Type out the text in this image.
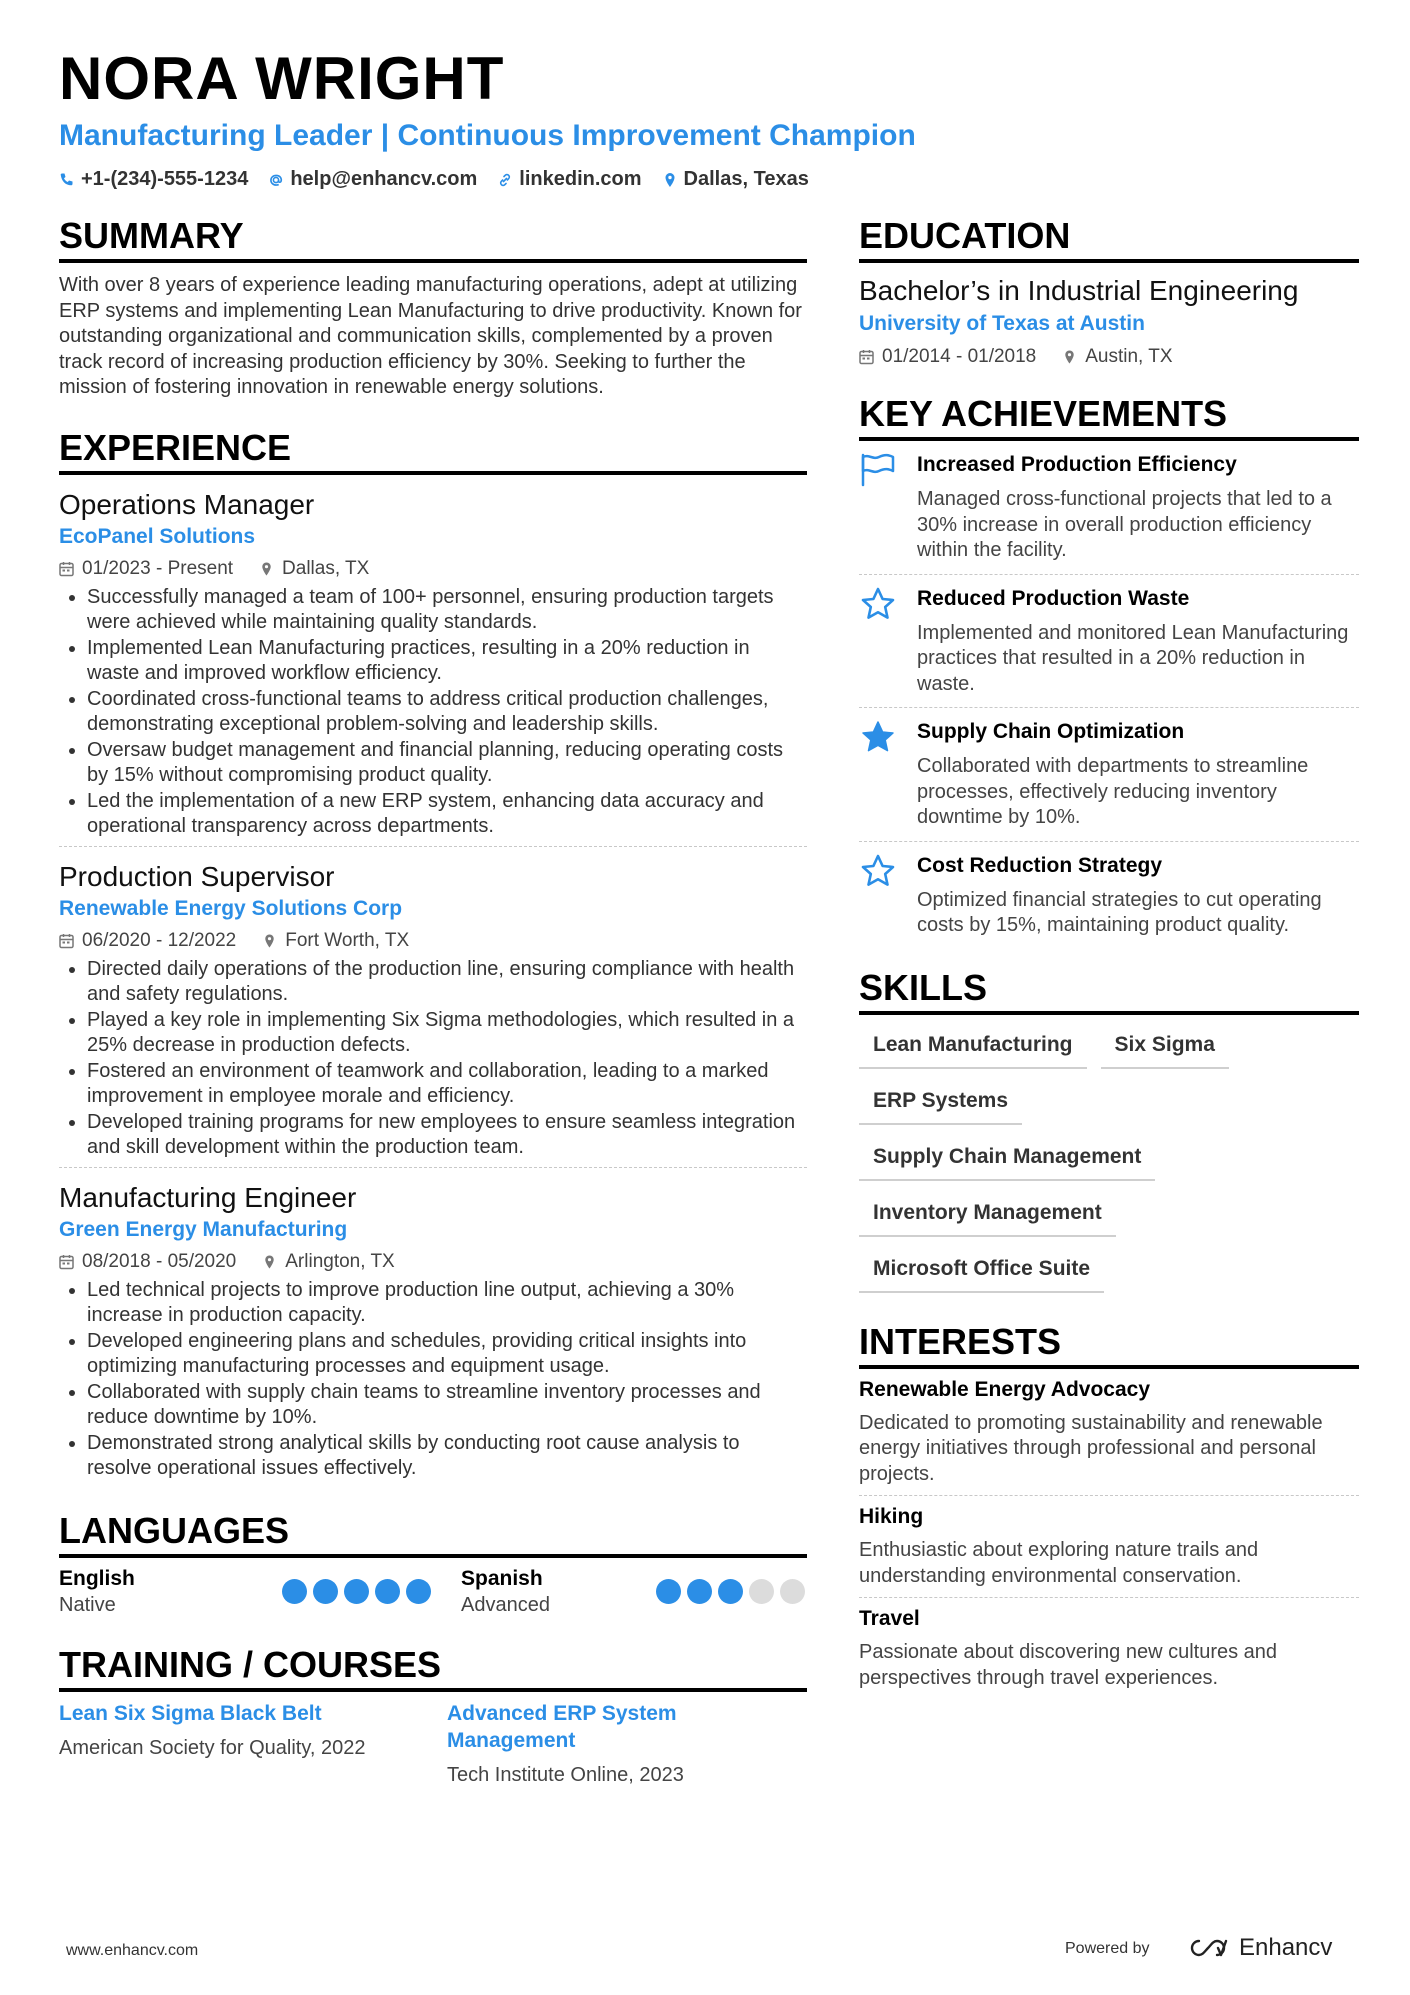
NORA WRIGHT
Manufacturing Leader | Continuous Improvement Champion
+1-(234)-555-1234 help@enhancv.com linkedin.com Dallas, Texas
SUMMARY

With over 8 years of experience leading manufacturing operations, adept at utilizing ERP systems and implementing Lean Manufacturing to drive productivity. Known for outstanding organizational and communication skills, complemented by a proven track record of increasing production efficiency by 30%. Seeking to further the mission of fostering innovation in renewable energy solutions.

EXPERIENCE
Operations Manager
EcoPanel Solutions
01/2023 - Present	Dallas, TX
• Successfully managed a team of 100+ personnel, ensuring production targets were achieved while maintaining quality standards.
• Implemented Lean Manufacturing practices, resulting in a 20% reduction in waste and improved workflow efficiency.
• Coordinated cross-functional teams to address critical production challenges, demonstrating exceptional problem-solving and leadership skills.
• Oversaw budget management and financial planning, reducing operating costs by 15% without compromising product quality.
• Led the implementation of a new ERP system, enhancing data accuracy and operational transparency across departments.
Production Supervisor
Renewable Energy Solutions Corp
06/2020 - 12/2022	Fort Worth, TX
• Directed daily operations of the production line, ensuring compliance with health and safety regulations.
• Played a key role in implementing Six Sigma methodologies, which resulted in a 25% decrease in production defects.
• Fostered an environment of teamwork and collaboration, leading to a marked improvement in employee morale and efficiency.
• Developed training programs for new employees to ensure seamless integration and skill development within the production team.
Manufacturing Engineer
Green Energy Manufacturing
08/2018 - 05/2020	Arlington, TX
• Led technical projects to improve production line output, achieving a 30% increase in production capacity.
• Developed engineering plans and schedules, providing critical insights into optimizing manufacturing processes and equipment usage.
• Collaborated with supply chain teams to streamline inventory processes and reduce downtime by 10%.
• Demonstrated strong analytical skills by conducting root cause analysis to resolve operational issues effectively.
LANGUAGES
English
Native
Spanish
Advanced
TRAINING / COURSES
Lean Six Sigma Black Belt
American Society for Quality, 2022
Advanced ERP System Management
Tech Institute Online, 2023
EDUCATION
Bachelor’s in Industrial Engineering
University of Texas at Austin
01/2014 - 01/2018	Austin, TX
KEY ACHIEVEMENTS
Increased Production Efficiency
Managed cross-functional projects that led to a 30% increase in overall production efficiency within the facility.
Reduced Production Waste
Implemented and monitored Lean Manufacturing practices that resulted in a 20% reduction in waste.
Supply Chain Optimization
Collaborated with departments to streamline processes, effectively reducing inventory downtime by 10%.
Cost Reduction Strategy
Optimized financial strategies to cut operating costs by 15%, maintaining product quality.
SKILLS
Lean Manufacturing	Six Sigma
ERP Systems
Supply Chain Management
Inventory Management
Microsoft Office Suite
INTERESTS
Renewable Energy Advocacy
Dedicated to promoting sustainability and renewable energy initiatives through professional and personal projects.
Hiking
Enthusiastic about exploring nature trails and understanding environmental conservation.
Travel
Passionate about discovering new cultures and perspectives through travel experiences.
www.enhancv.com	Powered by	Enhancv
